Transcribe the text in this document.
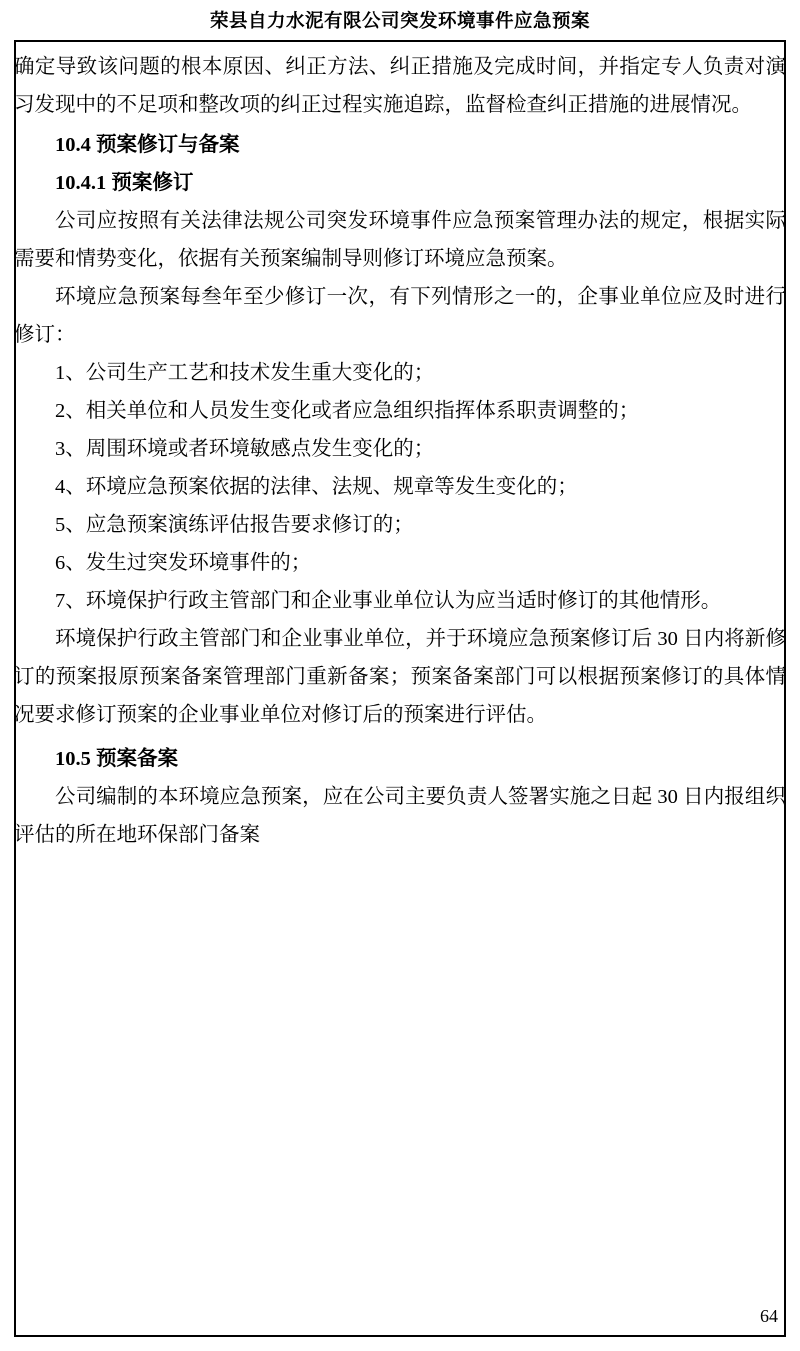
荣县自力水泥有限公司突发环境事件应急预案

确定导致该问题的根本原因、纠正方法、纠正措施及完成时间，并指定专人负责对演习发现中的不足项和整改项的纠正过程实施追踪，监督检查纠正措施的进展情况。

10.4 预案修订与备案

10.4.1 预案修订

公司应按照有关法律法规公司突发环境事件应急预案管理办法的规定，根据实际需要和情势变化，依据有关预案编制导则修订环境应急预案。

环境应急预案每叁年至少修订一次，有下列情形之一的，企事业单位应及时进行修订：

1、公司生产工艺和技术发生重大变化的；

2、相关单位和人员发生变化或者应急组织指挥体系职责调整的；

3、周围环境或者环境敏感点发生变化的；

4、环境应急预案依据的法律、法规、规章等发生变化的；

5、应急预案演练评估报告要求修订的；

6、发生过突发环境事件的；

7、环境保护行政主管部门和企业事业单位认为应当适时修订的其他情形。

环境保护行政主管部门和企业事业单位，并于环境应急预案修订后 30 日内将新修订的预案报原预案备案管理部门重新备案；预案备案部门可以根据预案修订的具体情况要求修订预案的企业事业单位对修订后的预案进行评估。

10.5 预案备案

公司编制的本环境应急预案，应在公司主要负责人签署实施之日起 30 日内报组织评估的所在地环保部门备案

64
